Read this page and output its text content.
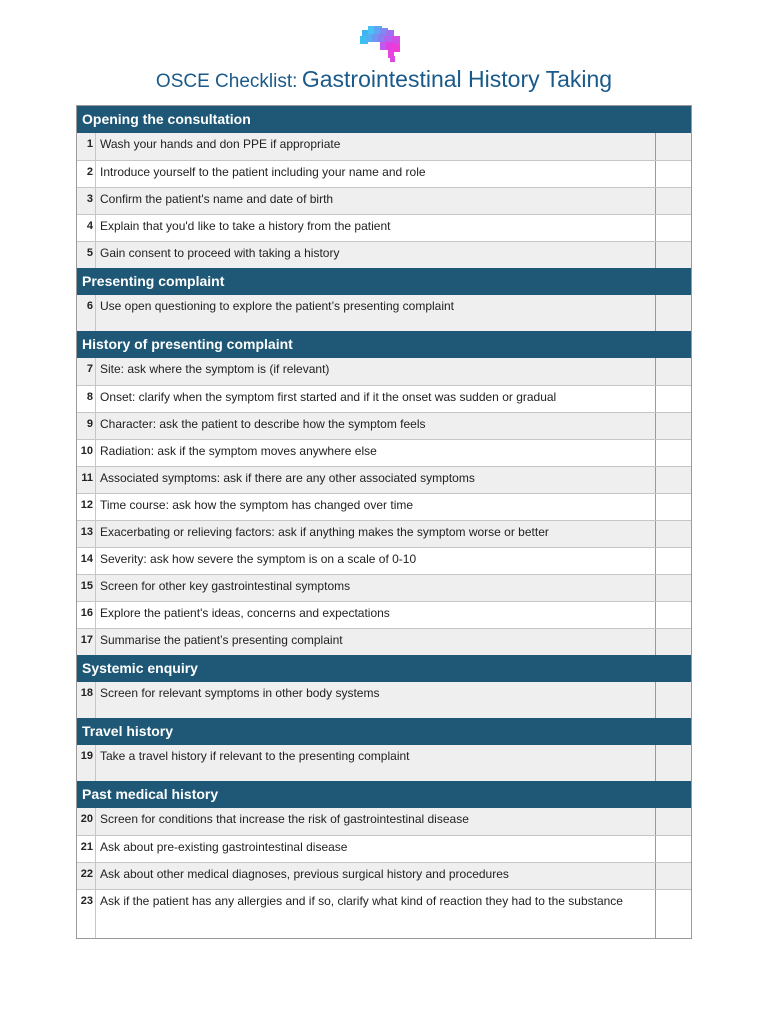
OSCE Checklist: Gastrointestinal History Taking
Opening the consultation
1 Wash your hands and don PPE if appropriate
2 Introduce yourself to the patient including your name and role
3 Confirm the patient's name and date of birth
4 Explain that you'd like to take a history from the patient
5 Gain consent to proceed with taking a history
Presenting complaint
6 Use open questioning to explore the patient’s presenting complaint
History of presenting complaint
7 Site: ask where the symptom is (if relevant)
8 Onset: clarify when the symptom first started and if it the onset was sudden or gradual
9 Character: ask the patient to describe how the symptom feels
10 Radiation: ask if the symptom moves anywhere else
11 Associated symptoms: ask if there are any other associated symptoms
12 Time course: ask how the symptom has changed over time
13 Exacerbating or relieving factors: ask if anything makes the symptom worse or better
14 Severity: ask how severe the symptom is on a scale of 0-10
15 Screen for other key gastrointestinal symptoms
16 Explore the patient's ideas, concerns and expectations
17 Summarise the patient’s presenting complaint
Systemic enquiry
18 Screen for relevant symptoms in other body systems
Travel history
19 Take a travel history if relevant to the presenting complaint
Past medical history
20 Screen for conditions that increase the risk of gastrointestinal disease
21 Ask about pre-existing gastrointestinal disease
22 Ask about other medical diagnoses, previous surgical history and procedures
23 Ask if the patient has any allergies and if so, clarify what kind of reaction they had to the substance
